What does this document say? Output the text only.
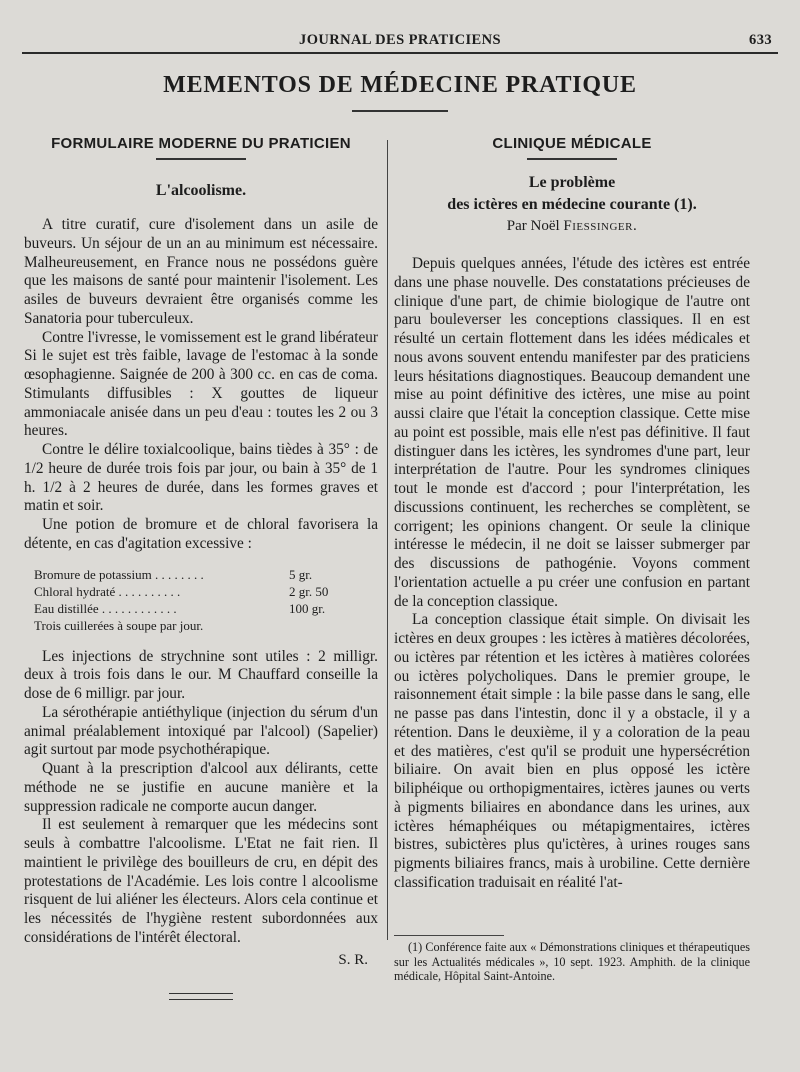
JOURNAL DES PRATICIENS	633
MEMENTOS DE MÉDECINE PRATIQUE
FORMULAIRE MODERNE DU PRATICIEN
L'alcoolisme.

A titre curatif, cure d'isolement dans un asile de buveurs. Un séjour de un an au minimum est nécessaire. Malheureusement, en France nous ne possédons guère que les maisons de santé pour maintenir l'isolement. Les asiles de buveurs devraient être organisés comme les Sanatoria pour tuberculeux.

Contre l'ivresse, le vomissement est le grand libérateur Si le sujet est très faible, lavage de l'estomac à la sonde œsophagienne. Saignée de 200 à 300 cc. en cas de coma. Stimulants diffusibles : X gouttes de liqueur ammoniacale anisée dans un peu d'eau : toutes les 2 ou 3 heures.

Contre le délire toxialcoolique, bains tièdes à 35° : de 1/2 heure de durée trois fois par jour, ou bain à 35° de 1 h. 1/2 à 2 heures de durée, dans les formes graves et matin et soir.

Une potion de bromure et de chloral favorisera la détente, en cas d'agitation excessive :

Bromure de potassium . . . . . . . .	5 gr.
Chloral hydraté . . . . . . . . . .	2 gr. 50
Eau distillée . . . . . . . . . . . .	100 gr.
Trois cuillerées à soupe par jour.

Les injections de strychnine sont utiles : 2 milligr. deux à trois fois dans le our. M Chauffard conseille la dose de 6 milligr. par jour.

La sérothérapie antiéthylique (injection du sérum d'un animal préalablement intoxiqué par l'alcool) (Sapelier) agit surtout par mode psychothérapique.

Quant à la prescription d'alcool aux délirants, cette méthode ne se justifie en aucune manière et la suppression radicale ne comporte aucun danger.

Il est seulement à remarquer que les médecins sont seuls à combattre l'alcoolisme. L'Etat ne fait rien. Il maintient le privilège des bouilleurs de cru, en dépit des protestations de l'Académie. Les lois contre l alcoolisme risquent de lui aliéner les électeurs. Alors cela continue et les nécessités de l'hygiène restent subordonnées aux considérations de l'intérêt électoral.

S. R.
CLINIQUE MÉDICALE
Le problème
des ictères en médecine courante (1).
Par Noël Fiessinger.

Depuis quelques années, l'étude des ictères est entrée dans une phase nouvelle. Des constatations précieuses de clinique d'une part, de chimie biologique de l'autre ont paru bouleverser les conceptions classiques. Il en est résulté un certain flottement dans les idées médicales et nous avons souvent entendu manifester par des praticiens leurs hésitations diagnostiques. Beaucoup demandent une mise au point définitive des ictères, une mise au point aussi claire que l'était la conception classique. Cette mise au point est possible, mais elle n'est pas définitive. Il faut distinguer dans les ictères, les syndromes d'une part, leur interprétation de l'autre. Pour les syndromes cliniques tout le monde est d'accord ; pour l'interprétation, les discussions continuent, les recherches se complètent, se corrigent; les opinions changent. Or seule la clinique intéresse le médecin, il ne doit se laisser submerger par des discussions de pathogénie. Voyons comment l'orientation actuelle a pu créer une confusion en partant de la conception classique.

La conception classique était simple. On divisait les ictères en deux groupes : les ictères à matières décolorées, ou ictères par rétention et les ictères à matières colorées ou ictères polycholiques. Dans le premier groupe, le raisonnement était simple : la bile passe dans le sang, elle ne passe pas dans l'intestin, donc il y a obstacle, il y a rétention. Dans le deuxième, il y a coloration de la peau et des matières, c'est qu'il se produit une hypersécrétion biliaire. On avait bien en plus opposé les ictère biliphéique ou orthopigmentaires, ictères jaunes ou verts à pigments biliaires en abondance dans les urines, aux ictères hémaphéiques ou métapigmentaires, ictères bistres, subictères plus qu'ictères, à urines rouges sans pigments biliaires francs, mais à urobiline. Cette dernière classification traduisait en réalité l'at-

(1) Conférence faite aux « Démonstrations cliniques et thérapeutiques sur les Actualités médicales », 10 sept. 1923. Amphith. de la clinique médicale, Hôpital Saint-Antoine.
